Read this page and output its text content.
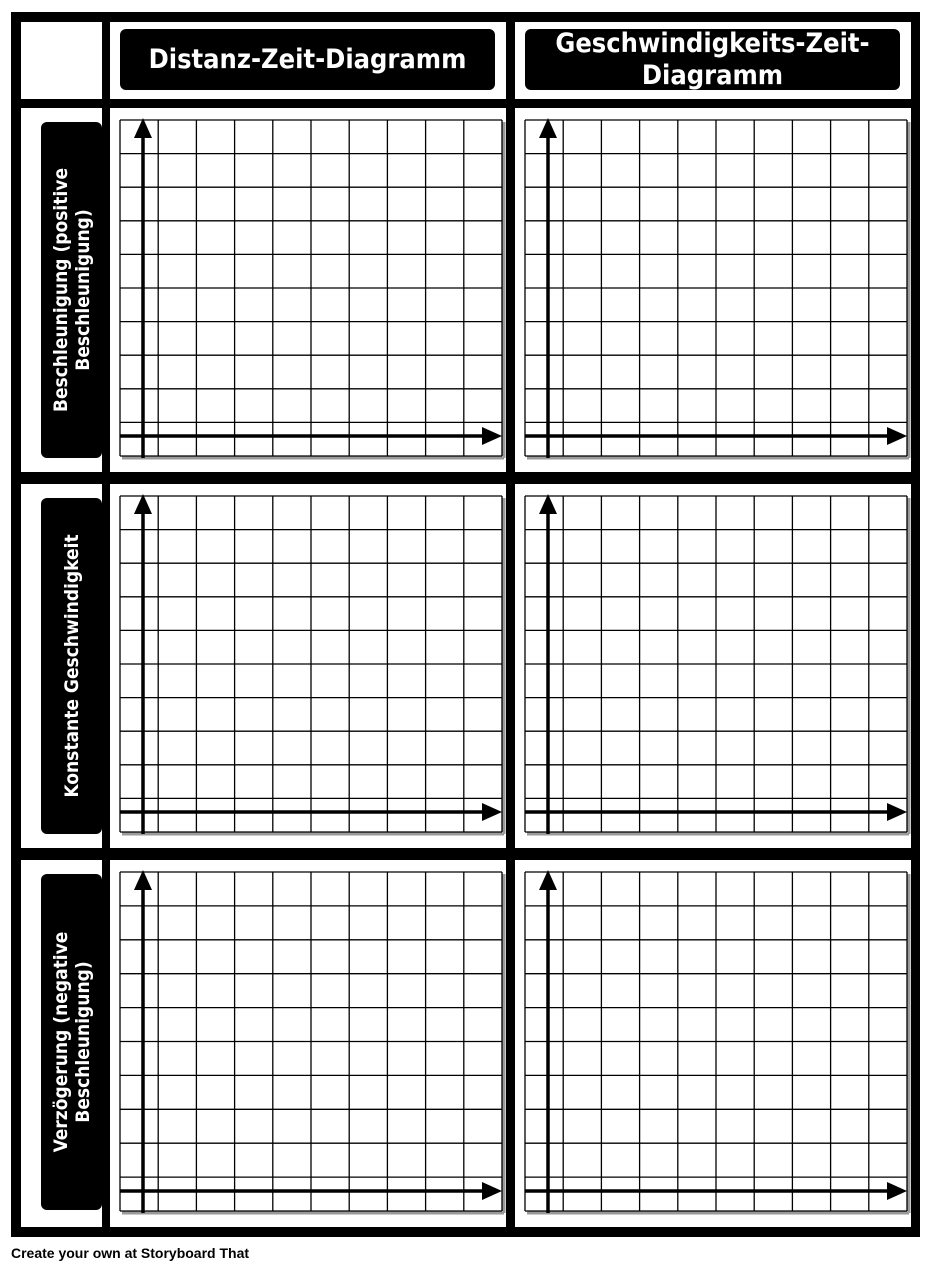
Distanz-Zeit-Diagramm
Geschwindigkeits-Zeit-Diagramm
Beschleunigung (positive Beschleunigung)
Konstante Geschwindigkeit
Verzögerung (negative Beschleunigung)
Create your own at Storyboard That
